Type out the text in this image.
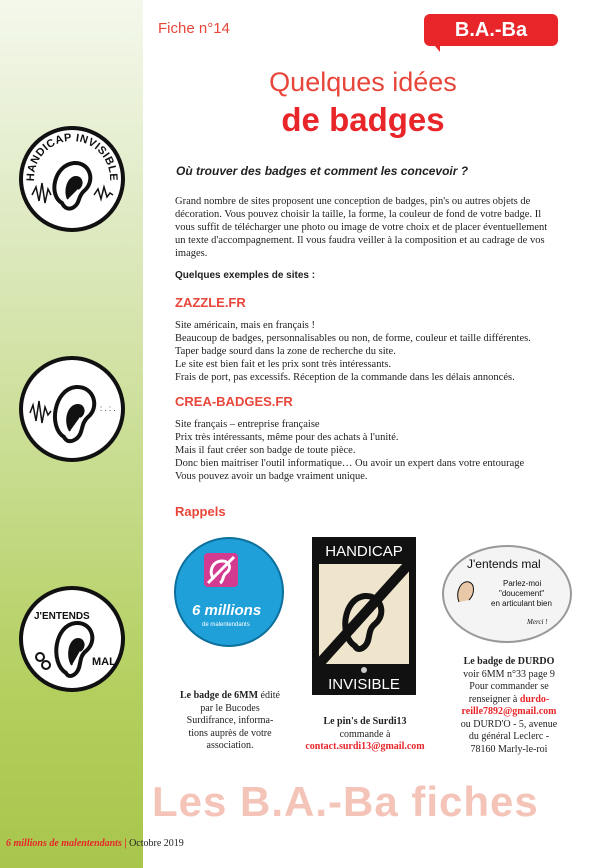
HANDICAP INVISIBLE
: . : .
J'ENTENDS
MAL
Fiche n°14	B.A.-Ba
Quelques idées
de badges
Où trouver des badges et comment les concevoir ?
Grand nombre de sites proposent une conception de badges, pin's ou autres objets de
décoration. Vous pouvez choisir la taille, la forme, la couleur de fond de votre badge. Il
vous suffit de télécharger une photo ou image de votre choix et de placer éventuellement
un texte d'accompagnement. Il vous faudra veiller à la composition et au cadrage de vos
images.
Quelques exemples de sites :
ZAZZLE.FR
Site américain, mais en français !
Beaucoup de badges, personnalisables ou non, de forme, couleur et taille différentes.
Taper badge sourd dans la zone de recherche du site.
Le site est bien fait et les prix sont très intéressants.
Frais de port, pas excessifs. Réception de la commande dans les délais annoncés.
CREA-BADGES.FR
Site français – entreprise française
Prix très intéressants, même pour des achats à l'unité.
Mais il faut créer son badge de toute pièce.
Donc bien maitriser l'outil informatique… Ou avoir un expert dans votre entourage
Vous pouvez avoir un badge vraiment unique.
Rappels
6 millions
de malentendants
HANDICAP
INVISIBLE
J'entends mal
Parlez-moi
"doucement"
en articulant bien
Merci !
Le badge de 6MM édité
par le Bucodes
Surdifrance, informa-
tions auprès de votre
association.
Le pin's de Surdi13
commande à
contact.surdi13@gmail.com
Le badge de DURDO
voir 6MM n°33 page 9
Pour commander se
renseigner à durdo-
reille7892@gmail.com
ou DURD'O - 5, avenue
du général Leclerc -
78160 Marly-le-roi
Les B.A.-Ba fiches
6 millions de malentendants | Octobre 2019
